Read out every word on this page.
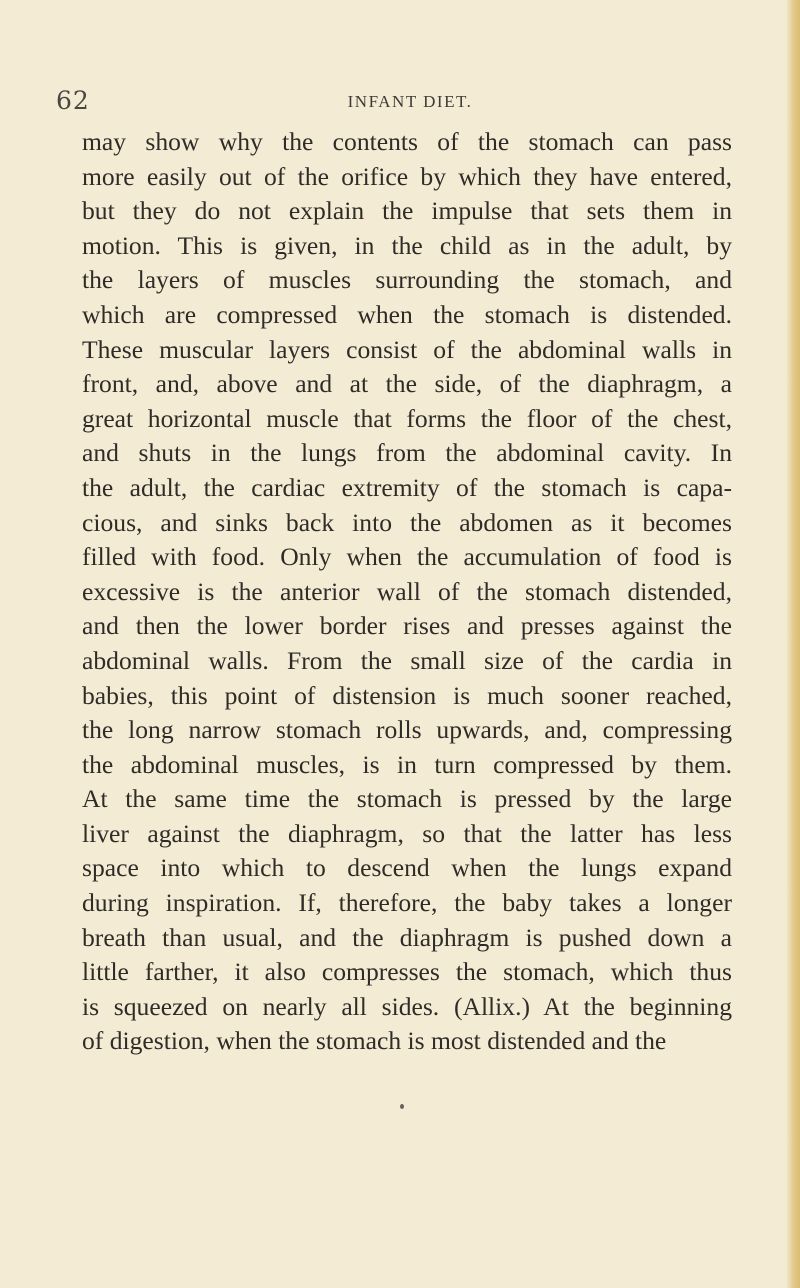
62	INFANT DIET.
may show why the contents of the stomach can pass
more easily out of the orifice by which they have entered,
but they do not explain the impulse that sets them in
motion. This is given, in the child as in the adult, by
the layers of muscles surrounding the stomach, and
which are compressed when the stomach is distended.
These muscular layers consist of the abdominal walls in
front, and, above and at the side, of the diaphragm, a
great horizontal muscle that forms the floor of the chest,
and shuts in the lungs from the abdominal cavity. In
the adult, the cardiac extremity of the stomach is capa-
cious, and sinks back into the abdomen as it becomes
filled with food. Only when the accumulation of food is
excessive is the anterior wall of the stomach distended,
and then the lower border rises and presses against the
abdominal walls. From the small size of the cardia in
babies, this point of distension is much sooner reached,
the long narrow stomach rolls upwards, and, compressing
the abdominal muscles, is in turn compressed by them.
At the same time the stomach is pressed by the large
liver against the diaphragm, so that the latter has less
space into which to descend when the lungs expand
during inspiration. If, therefore, the baby takes a longer
breath than usual, and the diaphragm is pushed down a
little farther, it also compresses the stomach, which thus
is squeezed on nearly all sides. (Allix.) At the beginning
of digestion, when the stomach is most distended and the
